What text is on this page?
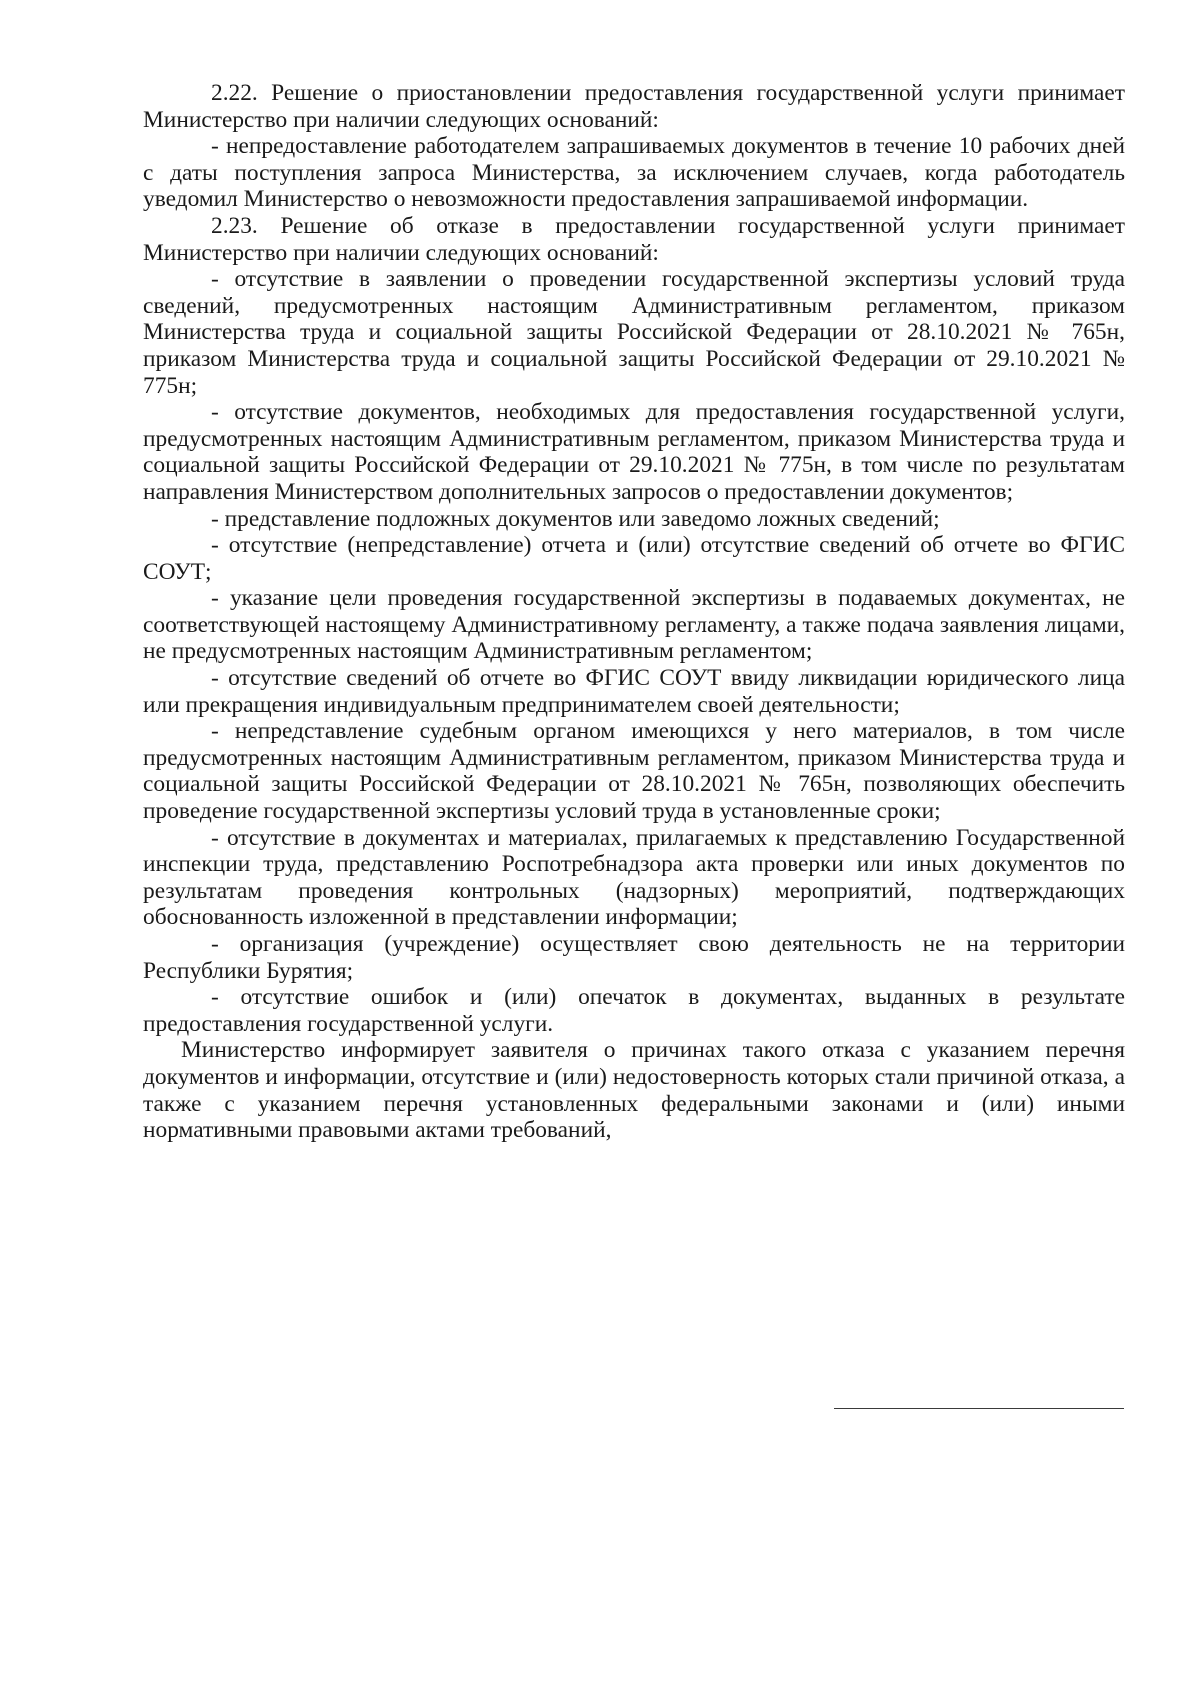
2.22. Решение о приостановлении предоставления государственной услуги принимает Министерство при наличии следующих оснований:

- непредоставление работодателем запрашиваемых документов в течение 10 рабочих дней с даты поступления запроса Министерства, за исключением случаев, когда работодатель уведомил Министерство о невозможности предоставления запрашиваемой информации.

2.23. Решение об отказе в предоставлении государственной услуги принимает Министерство при наличии следующих оснований:

- отсутствие в заявлении о проведении государственной экспертизы условий труда сведений, предусмотренных настоящим Административным регламентом, приказом Министерства труда и социальной защиты Российской Федерации от 28.10.2021 № 765н, приказом Министерства труда и социальной защиты Российской Федерации от 29.10.2021 № 775н;

- отсутствие документов, необходимых для предоставления государственной услуги, предусмотренных настоящим Административным регламентом, приказом Министерства труда и социальной защиты Российской Федерации от 29.10.2021 № 775н, в том числе по результатам направления Министерством дополнительных запросов о предоставлении документов;

- представление подложных документов или заведомо ложных сведений;

- отсутствие (непредставление) отчета и (или) отсутствие сведений об отчете во ФГИС СОУТ;

- указание цели проведения государственной экспертизы в подаваемых документах, не соответствующей настоящему Административному регламенту, а также подача заявления лицами, не предусмотренных настоящим Административным регламентом;

- отсутствие сведений об отчете во ФГИС СОУТ ввиду ликвидации юридического лица или прекращения индивидуальным предпринимателем своей деятельности;

- непредставление судебным органом имеющихся у него материалов, в том числе предусмотренных настоящим Административным регламентом, приказом Министерства труда и социальной защиты Российской Федерации от 28.10.2021 № 765н, позволяющих обеспечить проведение государственной экспертизы условий труда в установленные сроки;

- отсутствие в документах и материалах, прилагаемых к представлению Государственной инспекции труда, представлению Роспотребнадзора акта проверки или иных документов по результатам проведения контрольных (надзорных) мероприятий, подтверждающих обоснованность изложенной в представлении информации;

- организация (учреждение) осуществляет свою деятельность не на территории Республики Бурятия;

- отсутствие ошибок и (или) опечаток в документах, выданных в результате предоставления государственной услуги.

Министерство информирует заявителя о причинах такого отказа с указанием перечня документов и информации, отсутствие и (или) недостоверность которых стали причиной отказа, а также с указанием перечня установленных федеральными законами и (или) иными нормативными правовыми актами требований,
